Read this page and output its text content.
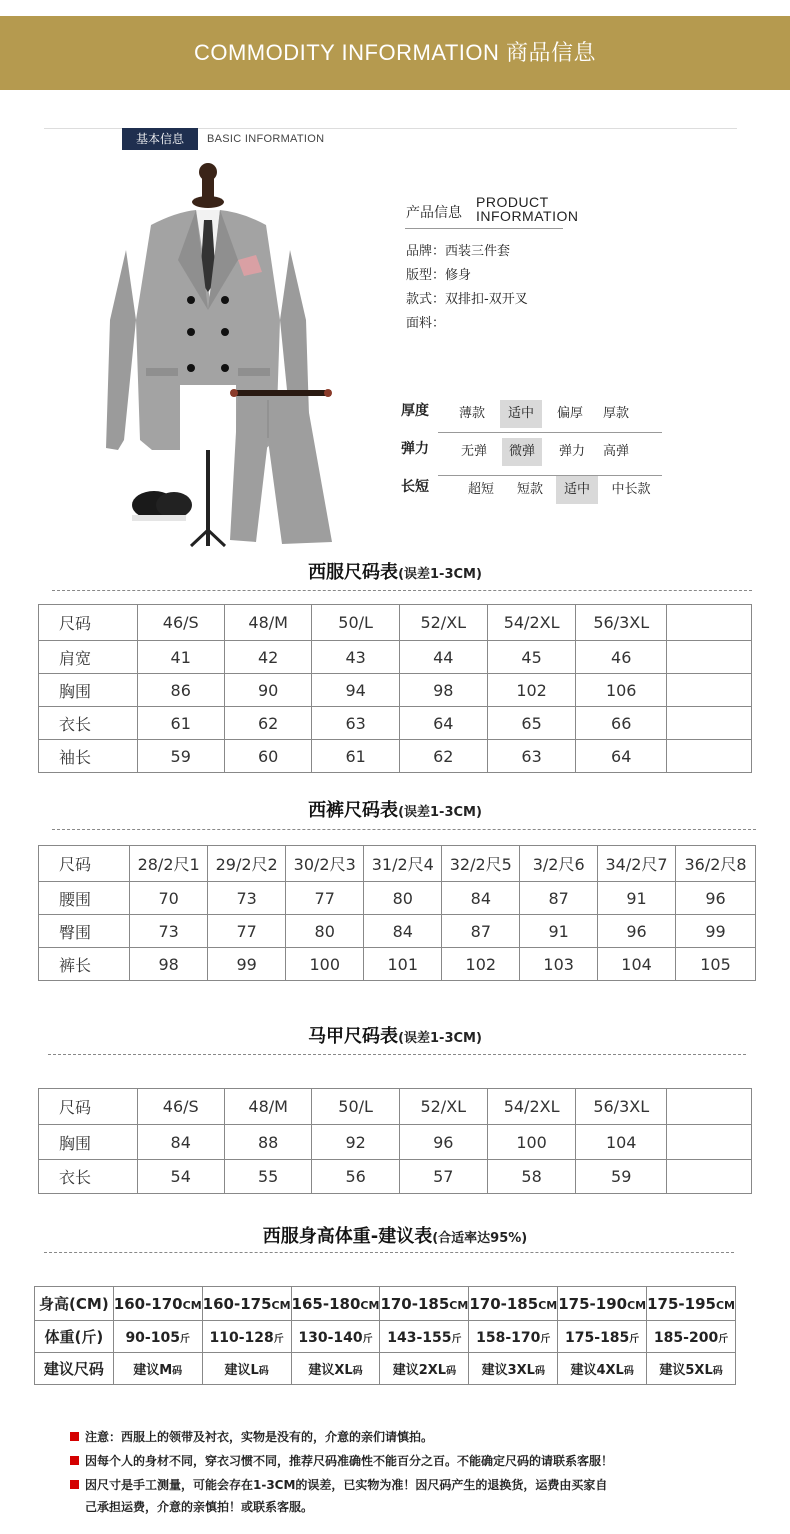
COMMODITY INFORMATION 商品信息
基本信息	BASIC INFORMATION
产品信息
PRODUCT INFORMATION
品牌：西装三件套
版型：修身
款式：双排扣-双开叉
面料：
厚度	薄款	适中	偏厚	厚款
弹力	无弹	微弹	弹力	高弹
长短	超短	短款	适中	中长款
西服尺码表(误差1-3CM)
尺码	46/S	48/M	50/L	52/XL	54/2XL	56/3XL	
肩宽	41	42	43	44	45	46	
胸围	86	90	94	98	102	106	
衣长	61	62	63	64	65	66	
袖长	59	60	61	62	63	64	
西裤尺码表(误差1-3CM)
尺码	28/2尺1	29/2尺2	30/2尺3	31/2尺4	32/2尺5	3/2尺6	34/2尺7	36/2尺8
腰围	70	73	77	80	84	87	91	96
臀围	73	77	80	84	87	91	96	99
裤长	98	99	100	101	102	103	104	105
马甲尺码表(误差1-3CM)
尺码	46/S	48/M	50/L	52/XL	54/2XL	56/3XL	
胸围	84	88	92	96	100	104	
衣长	54	55	56	57	58	59	
西服身高体重-建议表(合适率达95%)
身高(CM)	160-170CM	160-175CM	165-180CM	170-185CM	170-185CM	175-190CM	175-195CM
体重(斤)	90-105斤	110-128斤	130-140斤	143-155斤	158-170斤	175-185斤	185-200斤
建议尺码	建议M码	建议L码	建议XL码	建议2XL码	建议3XL码	建议4XL码	建议5XL码
注意：西服上的领带及衬衣，实物是没有的，介意的亲们请慎拍。
因每个人的身材不同，穿衣习惯不同，推荐尺码准确性不能百分之百。不能确定尺码的请联系客服！
因尺寸是手工测量，可能会存在1-3CM的误差，已实物为准！因尺码产生的退换货，运费由买家自
己承担运费，介意的亲慎拍！或联系客服。
